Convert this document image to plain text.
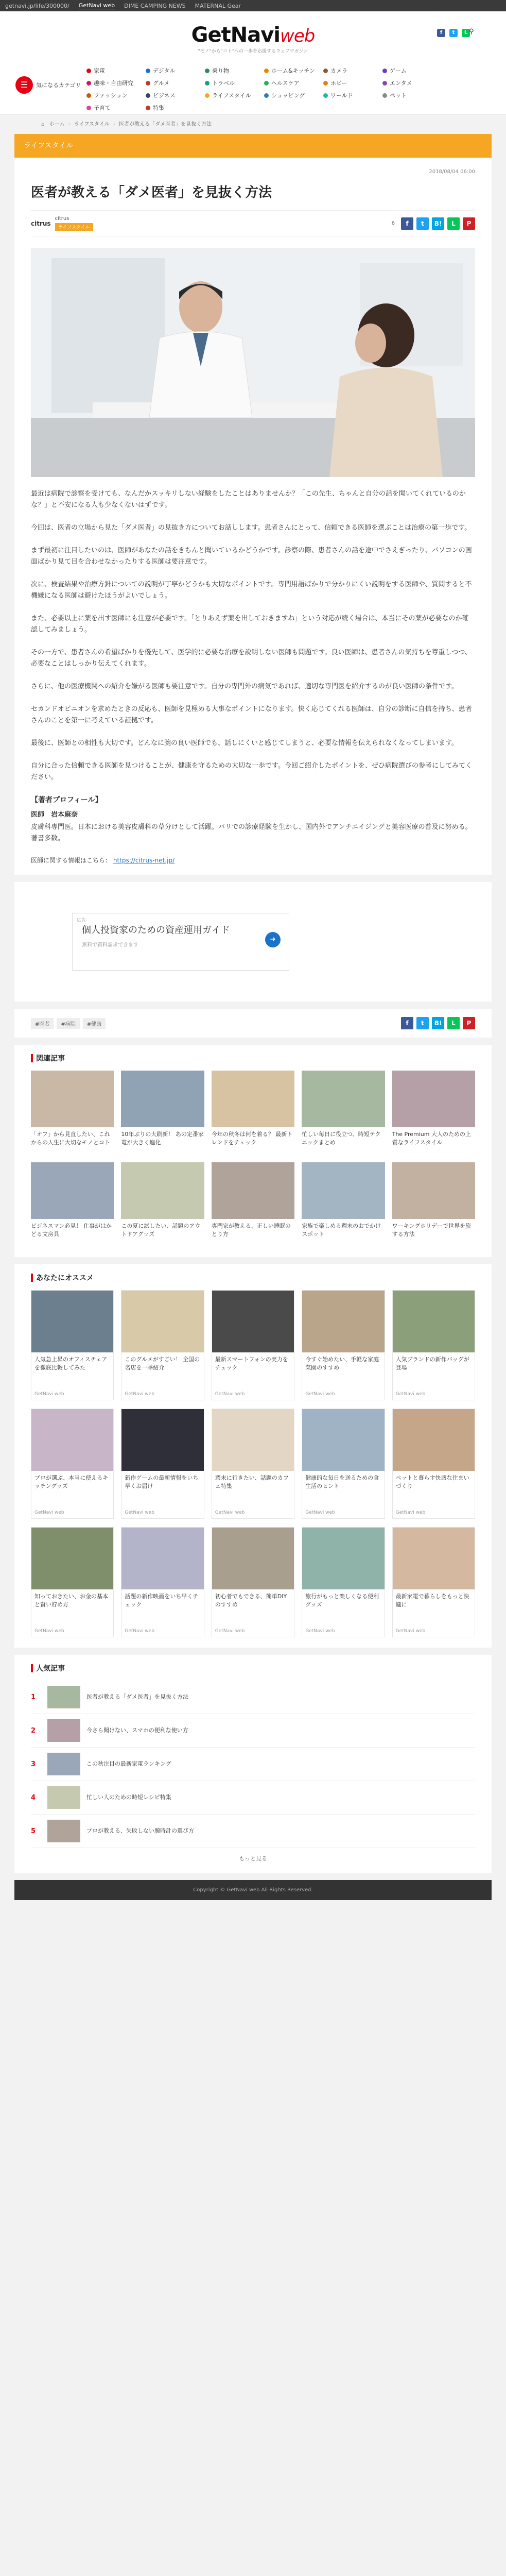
getnavi.jp/life/300000/ GetNavi web DIME CAMPING NEWS MATERNAL Gear
GetNaviweb
"モノ"から"コト"への一歩を応援するウェブマガジン
f	t	L ⚲
☰	気になるカテゴリ
家電	デジタル	乗り物	ホーム&キッチン	カメラ	ゲーム
趣味・自由研究	グルメ	トラベル	ヘルスケア	ホビー	エンタメ
ファッション	ビジネス	ライフスタイル	ショッピング	ワールド	ペット
子育て	特集
⌂ ホーム › ライフスタイル › 医者が教える「ダメ医者」を見抜く方法
ライフスタイル
2018/08/04 06:00
医者が教える「ダメ医者」を見抜く方法
citrus
citrus
ライフスタイル
6	f	t	B!	L	P

最近は病院で診察を受けても、なんだかスッキリしない経験をしたことはありませんか？「この先生、ちゃんと自分の話を聞いてくれているのかな？」と不安になる人も少なくないはずです。

今回は、医者の立場から見た「ダメ医者」の見抜き方についてお話しします。患者さんにとって、信頼できる医師を選ぶことは治療の第一歩です。

まず最初に注目したいのは、医師があなたの話をきちんと聞いているかどうかです。診察の際、患者さんの話を途中でさえぎったり、パソコンの画面ばかり見て目を合わせなかったりする医師は要注意です。

次に、検査結果や治療方針についての説明が丁寧かどうかも大切なポイントです。専門用語ばかりで分かりにくい説明をする医師や、質問すると不機嫌になる医師は避けたほうがよいでしょう。

また、必要以上に薬を出す医師にも注意が必要です。「とりあえず薬を出しておきますね」という対応が続く場合は、本当にその薬が必要なのか確認してみましょう。

その一方で、患者さんの希望ばかりを優先して、医学的に必要な治療を説明しない医師も問題です。良い医師は、患者さんの気持ちを尊重しつつ、必要なことはしっかり伝えてくれます。

さらに、他の医療機関への紹介を嫌がる医師も要注意です。自分の専門外の病気であれば、適切な専門医を紹介するのが良い医師の条件です。

セカンドオピニオンを求めたときの反応も、医師を見極める大事なポイントになります。快く応じてくれる医師は、自分の診断に自信を持ち、患者さんのことを第一に考えている証拠です。

最後に、医師との相性も大切です。どんなに腕の良い医師でも、話しにくいと感じてしまうと、必要な情報を伝えられなくなってしまいます。

自分に合った信頼できる医師を見つけることが、健康を守るための大切な一歩です。今回ご紹介したポイントを、ぜひ病院選びの参考にしてみてください。

【著者プロフィール】
医師　岩本麻奈

皮膚科専門医。日本における美容皮膚科の草分けとして活躍。パリでの診療経験を生かし、国内外でアンチエイジングと美容医療の普及に努める。著書多数。

医師に関する情報はこちら： https://citrus-net.jp/
広告
個人投資家のための資産運用ガイド
無料で資料請求できます
➜
#医者	#病院	#健康	f	t	B!	L	P
関連記事
「オフ」から見直したい、これからの人生に大切なモノとコト
10年ぶりの大刷新！ あの定番家電が大きく進化
今年の秋冬は何を着る？ 最新トレンドをチェック
忙しい毎日に役立つ、時短テクニックまとめ
The Premium 大人のための上質なライフスタイル
ビジネスマン必見！ 仕事がはかどる文房具
この夏に試したい、話題のアウトドアグッズ
専門家が教える、正しい睡眠のとり方
家族で楽しめる週末のおでかけスポット
ワーキングホリデーで世界を旅する方法
あなたにオススメ
人気急上昇のオフィスチェアを徹底比較してみた
GetNavi web
このグルメがすごい！ 全国の名店を一挙紹介
GetNavi web
最新スマートフォンの実力をチェック
GetNavi web
今すぐ始めたい、手軽な家庭菜園のすすめ
GetNavi web
人気ブランドの新作バッグが登場
GetNavi web
プロが選ぶ、本当に使えるキッチングッズ
GetNavi web
新作ゲームの最新情報をいち早くお届け
GetNavi web
週末に行きたい、話題のカフェ特集
GetNavi web
健康的な毎日を送るための食生活のヒント
GetNavi web
ペットと暮らす快適な住まいづくり
GetNavi web
知っておきたい、お金の基本と賢い貯め方
GetNavi web
話題の新作映画をいち早くチェック
GetNavi web
初心者でもできる、簡単DIYのすすめ
GetNavi web
旅行がもっと楽しくなる便利グッズ
GetNavi web
最新家電で暮らしをもっと快適に
GetNavi web
人気記事
1	医者が教える「ダメ医者」を見抜く方法
2	今さら聞けない、スマホの便利な使い方
3	この秋注目の最新家電ランキング
4	忙しい人のための時短レシピ特集
5	プロが教える、失敗しない腕時計の選び方
もっと見る
Copyright © GetNavi web All Rights Reserved.
